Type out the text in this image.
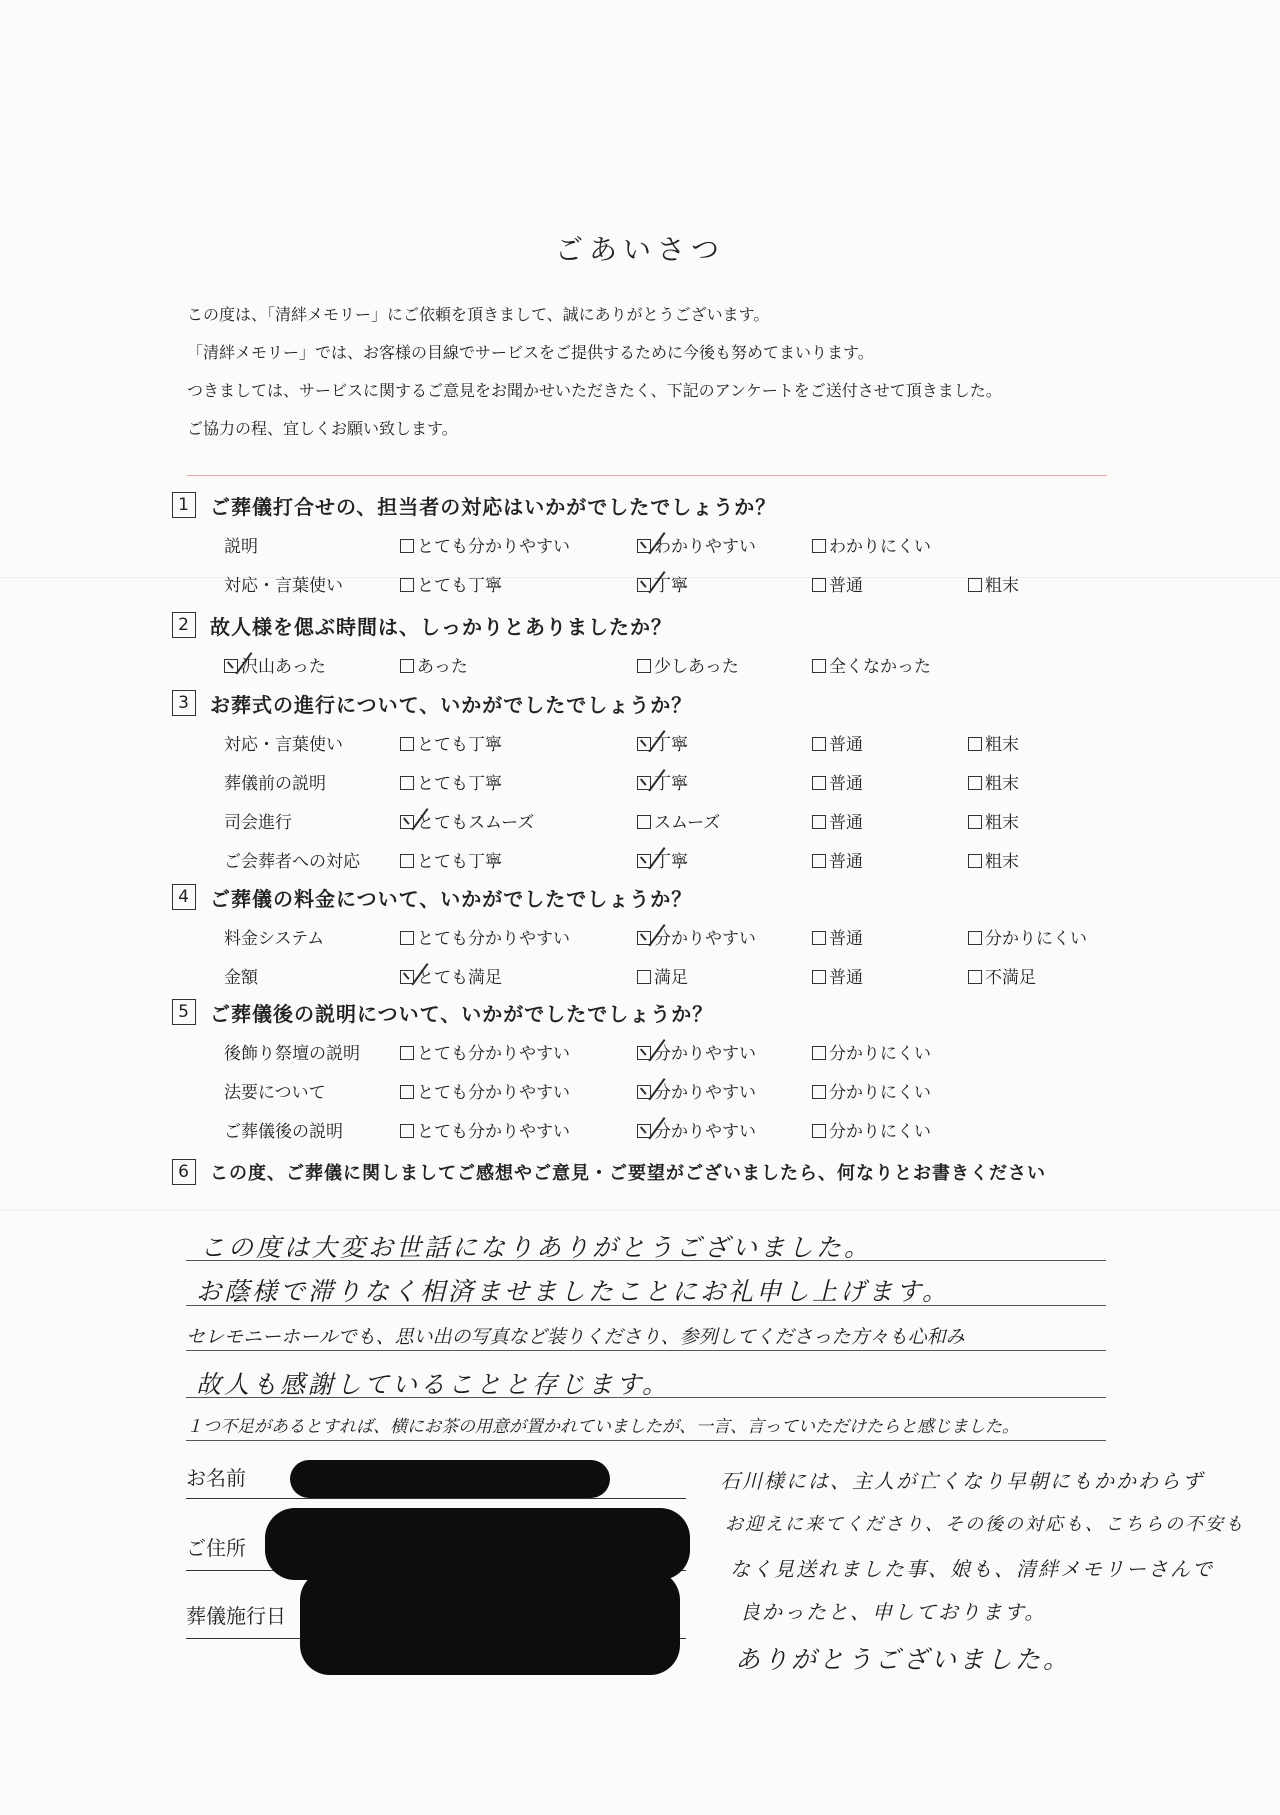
ごあいさつ

この度は、「清絆メモリー」にご依頼を頂きまして、誠にありがとうございます。

「清絆メモリー」では、お客様の目線でサービスをご提供するために今後も努めてまいります。

つきましては、サービスに関するご意見をお聞かせいただきたく、下記のアンケートをご送付させて頂きました。

ご協力の程、宜しくお願い致します。

1	ご葬儀打合せの、担当者の対応はいかがでしたでしょうか？
説明	とても分かりやすい	わかりやすい	わかりにくい
対応・言葉使い	とても丁寧	丁寧	普通	粗末
2	故人様を偲ぶ時間は、しっかりとありましたか？
沢山あった	あった	少しあった	全くなかった
3	お葬式の進行について、いかがでしたでしょうか？
対応・言葉使い	とても丁寧	丁寧	普通	粗末
葬儀前の説明	とても丁寧	丁寧	普通	粗末
司会進行	とてもスムーズ	スムーズ	普通	粗末
ご会葬者への対応	とても丁寧	丁寧	普通	粗末
4	ご葬儀の料金について、いかがでしたでしょうか？
料金システム	とても分かりやすい	分かりやすい	普通	分かりにくい
金額	とても満足	満足	普通	不満足
5	ご葬儀後の説明について、いかがでしたでしょうか？
後飾り祭壇の説明	とても分かりやすい	分かりやすい	分かりにくい
法要について	とても分かりやすい	分かりやすい	分かりにくい
ご葬儀後の説明	とても分かりやすい	分かりやすい	分かりにくい
6	この度、ご葬儀に関しましてご感想やご意見・ご要望がございましたら、何なりとお書きください
この度は大変お世話になりありがとうございました。
お蔭様で滞りなく相済ませましたことにお礼申し上げます。
セレモニーホールでも、思い出の写真など装りくださり、参列してくださった方々も心和み
故人も感謝していることと存じます。
１つ不足があるとすれば、横にお茶の用意が置かれていましたが、一言、言っていただけたらと感じました。
お名前
ご住所
葬儀施行日
石川様には、主人が亡くなり早朝にもかかわらず
お迎えに来てくださり、その後の対応も、こちらの不安も
なく見送れました事、娘も、清絆メモリーさんで
良かったと、申しております。
ありがとうございました。
